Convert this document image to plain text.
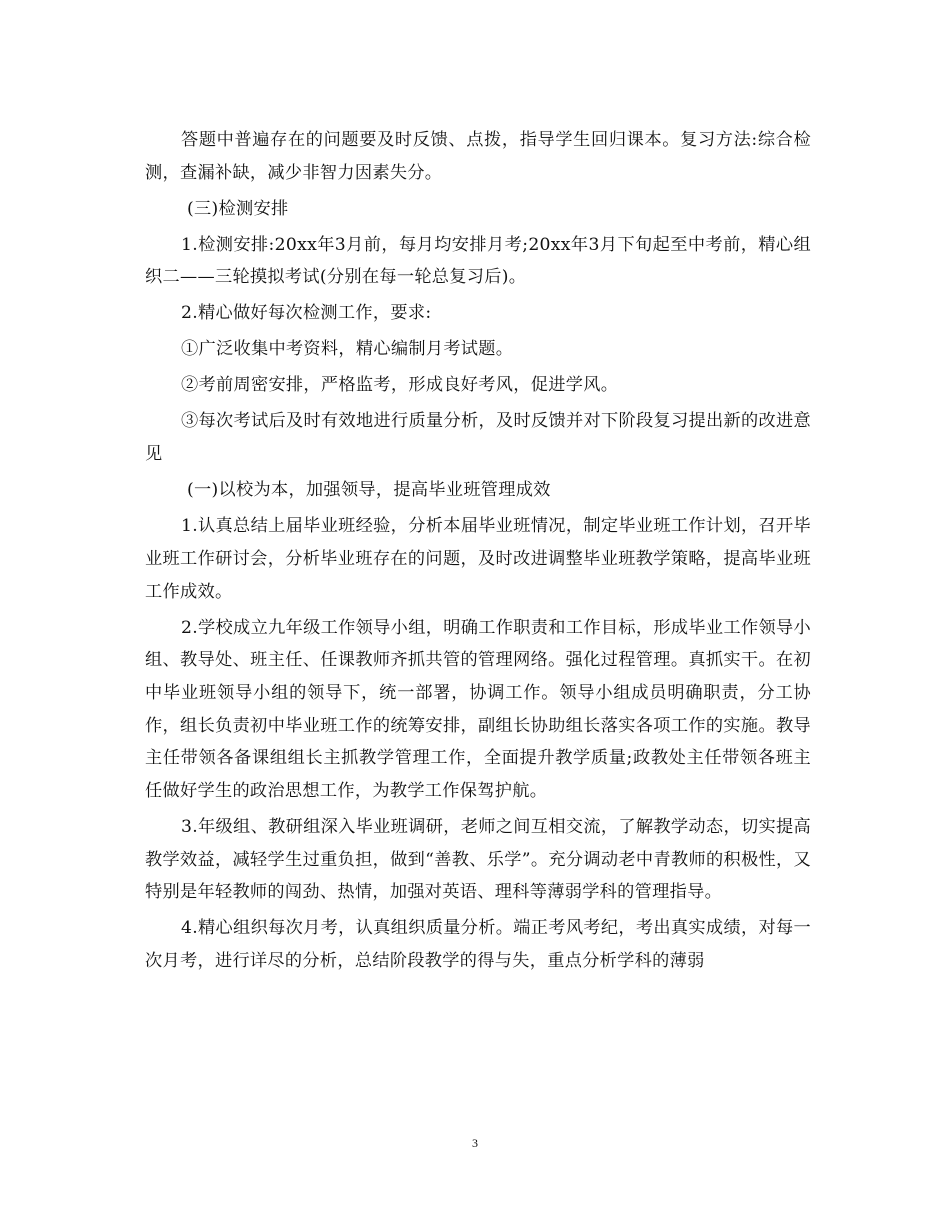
答题中普遍存在的问题要及时反馈、点拨，指导学生回归课本。复习方法:综合检测，查漏补缺，减少非智力因素失分。

(三)检测安排

1.检测安排:20xx年3月前，每月均安排月考;20xx年3月下旬起至中考前，精心组织二——三轮摸拟考试(分别在每一轮总复习后)。

2.精心做好每次检测工作，要求:

①广泛收集中考资料，精心编制月考试题。

②考前周密安排，严格监考，形成良好考风，促进学风。

③每次考试后及时有效地进行质量分析，及时反馈并对下阶段复习提出新的改进意见

(一)以校为本，加强领导，提高毕业班管理成效

1.认真总结上届毕业班经验，分析本届毕业班情况，制定毕业班工作计划，召开毕业班工作研讨会，分析毕业班存在的问题，及时改进调整毕业班教学策略，提高毕业班工作成效。

2.学校成立九年级工作领导小组，明确工作职责和工作目标，形成毕业工作领导小组、教导处、班主任、任课教师齐抓共管的管理网络。强化过程管理。真抓实干。在初中毕业班领导小组的领导下，统一部署，协调工作。领导小组成员明确职责，分工协作，组长负责初中毕业班工作的统筹安排，副组长协助组长落实各项工作的实施。教导主任带领各备课组组长主抓教学管理工作，全面提升教学质量;政教处主任带领各班主任做好学生的政治思想工作，为教学工作保驾护航。

3.年级组、教研组深入毕业班调研，老师之间互相交流，了解教学动态，切实提高教学效益，减轻学生过重负担，做到“善教、乐学”。充分调动老中青教师的积极性，又特别是年轻教师的闯劲、热情，加强对英语、理科等薄弱学科的管理指导。

4.精心组织每次月考，认真组织质量分析。端正考风考纪，考出真实成绩，对每一次月考，进行详尽的分析，总结阶段教学的得与失，重点分析学科的薄弱

3
